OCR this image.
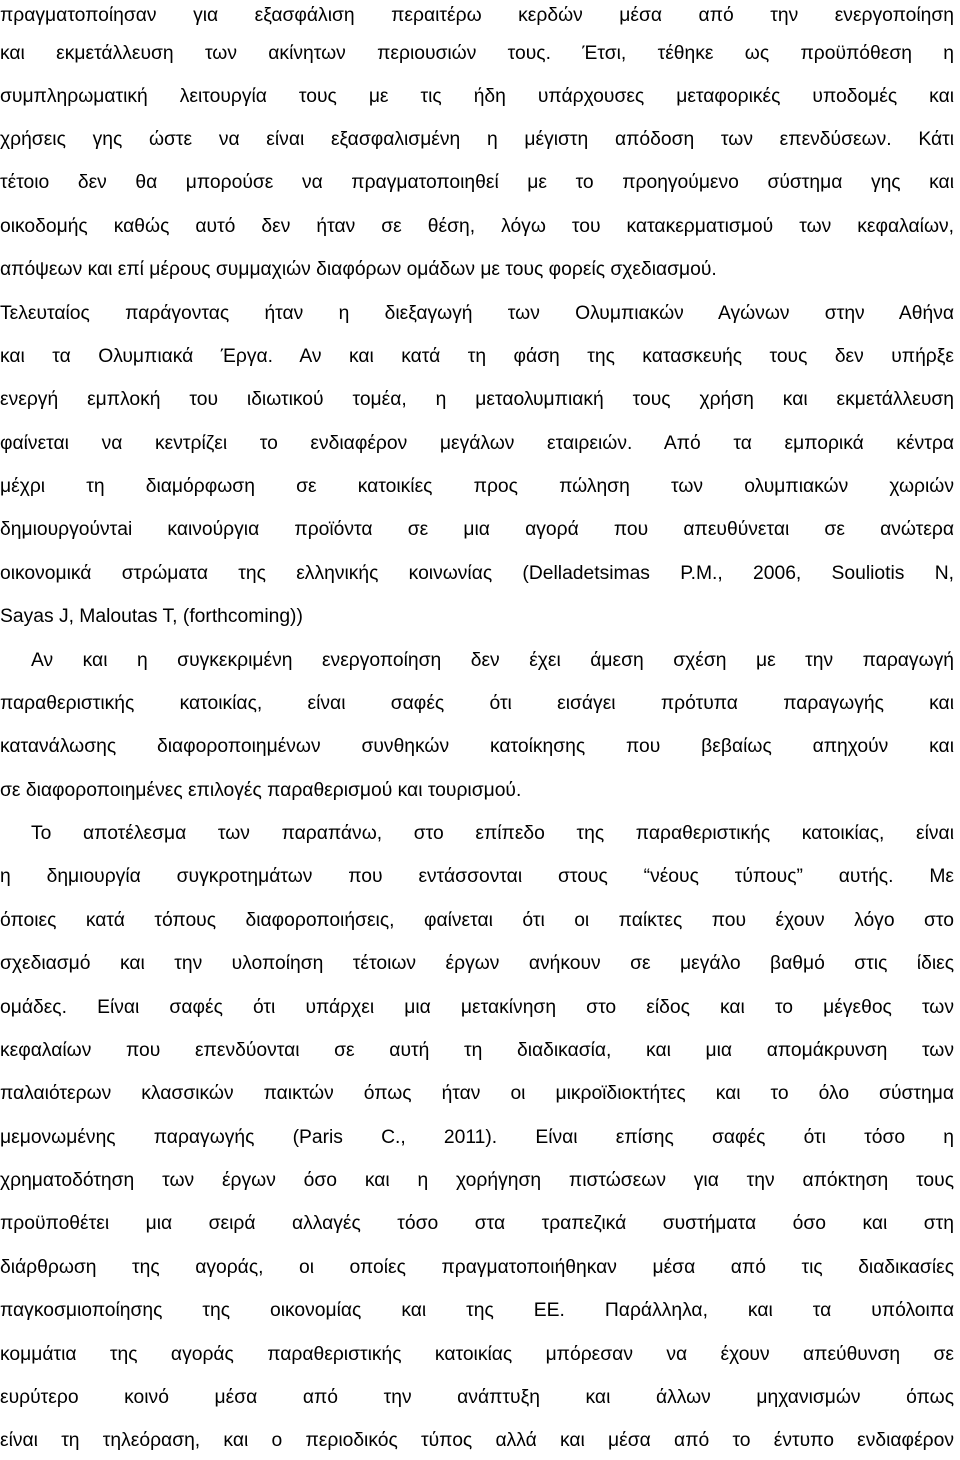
πραγματοποίησαν για εξασφάλιση περαιτέρω κερδών μέσα από την ενεργοποίηση
και εκμετάλλευση των ακίνητων περιουσιών τους. Έτσι, τέθηκε ως προϋπόθεση η
συμπληρωματική λειτουργία τους με τις ήδη υπάρχουσες μεταφορικές υποδομές και
χρήσεις γης ώστε να είναι εξασφαλισμένη η μέγιστη απόδοση των επενδύσεων. Κάτι
τέτοιο δεν θα μπορούσε να πραγματοποιηθεί με το προηγούμενο σύστημα γης και
οικοδομής καθώς αυτό δεν ήταν σε θέση, λόγω του κατακερματισμού των κεφαλαίων,
απόψεων και επί μέρους συμμαχιών διαφόρων ομάδων με τους φορείς σχεδιασμού.
Τελευταίος παράγοντας ήταν η διεξαγωγή των Ολυμπιακών Αγώνων στην Αθήνα
και τα Ολυμπιακά Έργα. Αν και κατά τη φάση της κατασκευής τους δεν υπήρξε
ενεργή εμπλοκή του ιδιωτικού τομέα, η μεταολυμπιακή τους χρήση και εκμετάλλευση
φαίνεται να κεντρίζει το ενδιαφέρον μεγάλων εταιρειών. Από τα εμπορικά κέντρα
μέχρι τη διαμόρφωση σε κατοικίες προς πώληση των ολυμπιακών χωριών
δημιουργούντai καινούργια προϊόντα σε μια αγορά που απευθύνεται σε ανώτερα
οικονομικά στρώματα της ελληνικής κοινωνίας (Delladetsimas P.M., 2006, Souliotis N,
Sayas J, Maloutas T, (forthcoming))
Αν και η συγκεκριμένη ενεργοποίηση δεν έχει άμεση σχέση με την παραγωγή
παραθεριστικής κατοικίας, είναι σαφές ότι εισάγει πρότυπα παραγωγής και
κατανάλωσης διαφοροποιημένων συνθηκών κατοίκησης που βεβαίως απηχούν και
σε διαφοροποιημένες επιλογές παραθερισμού και τουρισμού.
Το αποτέλεσμα των παραπάνω, στο επίπεδο της παραθεριστικής κατοικίας, είναι
η δημιουργία συγκροτημάτων που εντάσσονται στους “νέους τύπους” αυτής. Με
όποιες κατά τόπους διαφοροποιήσεις, φαίνεται ότι οι παίκτες που έχουν λόγο στο
σχεδιασμό και την υλοποίηση τέτοιων έργων ανήκουν σε μεγάλο βαθμό στις ίδιες
ομάδες. Είναι σαφές ότι υπάρχει μια μετακίνηση στο είδος και το μέγεθος των
κεφαλαίων που επενδύονται σε αυτή τη διαδικασία, και μια απομάκρυνση των
παλαιότερων κλασσικών παικτών όπως ήταν οι μικροϊδιοκτήτες και το όλο σύστημα
μεμονωμένης παραγωγής (Paris C., 2011). Είναι επίσης σαφές ότι τόσο η
χρηματοδότηση των έργων όσο και η χορήγηση πιστώσεων για την απόκτηση τους
προϋποθέτει μια σειρά αλλαγές τόσο στα τραπεζικά συστήματα όσο και στη
διάρθρωση της αγοράς, οι οποίες πραγματοποιήθηκαν μέσα από τις διαδικασίες
παγκοσμιοποίησης της οικονομίας και της ΕΕ. Παράλληλα, και τα υπόλοιπα
κομμάτια της αγοράς παραθεριστικής κατοικίας μπόρεσαν να έχουν απεύθυνση σε
ευρύτερο κοινό μέσα από την ανάπτυξη και άλλων μηχανισμών όπως
είναι τη τηλεόραση, και ο περιοδικός τύπος αλλά και μέσα από το έντυπο ενδιαφέρον
